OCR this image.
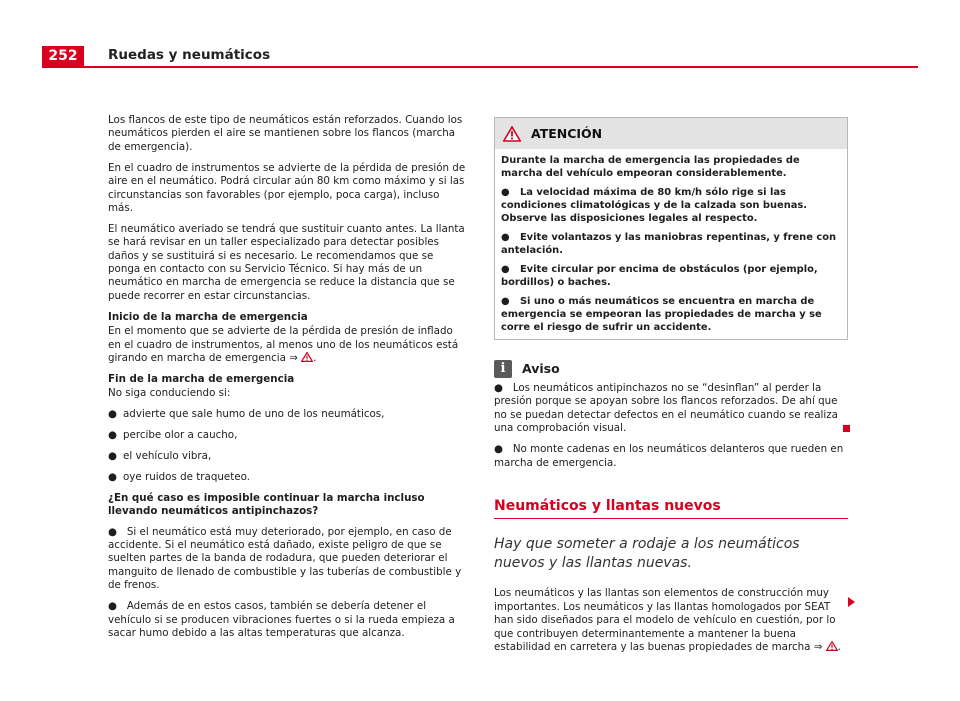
252	Ruedas y neumáticos

Los flancos de este tipo de neumáticos están reforzados. Cuando los neumáticos pierden el aire se mantienen sobre los flancos (marcha de emergencia).

En el cuadro de instrumentos se advierte de la pérdida de presión de aire en el neumático. Podrá circular aún 80 km como máximo y si las circunstancias son favorables (por ejemplo, poca carga), incluso más.

El neumático averiado se tendrá que sustituir cuanto antes. La llanta se hará revisar en un taller especializado para detectar posibles daños y se sustituirá si es necesario. Le recomendamos que se ponga en contacto con su Servicio Técnico. Si hay más de un neumático en marcha de emergencia se reduce la distancia que se puede recorrer en estar circunstancias.

Inicio de la marcha de emergencia

En el momento que se advierte de la pérdida de presión de inflado en el cuadro de instrumentos, al menos uno de los neumáticos está girando en marcha de emergencia ⇒ .

Fin de la marcha de emergencia

No siga conduciendo si:

● advierte que sale humo de uno de los neumáticos,

● percibe olor a caucho,

● el vehículo vibra,

● oye ruidos de traqueteo.

¿En qué caso es imposible continuar la marcha incluso llevando neumáticos antipinchazos?

●   Si el neumático está muy deteriorado, por ejemplo, en caso de accidente. Si el neumático está dañado, existe peligro de que se suelten partes de la banda de rodadura, que pueden deteriorar el manguito de llenado de combustible y las tuberías de combustible y de frenos.

●   Además de en estos casos, también se debería detener el vehículo si se producen vibraciones fuertes o si la rueda empieza a sacar humo debido a las altas temperaturas que alcanza.

ATENCIÓN

Durante la marcha de emergencia las propiedades de marcha del vehículo empeoran considerablemente.

●   La velocidad máxima de 80 km/h sólo rige si las condiciones climatológicas y de la calzada son buenas. Observe las disposiciones legales al respecto.

●   Evite volantazos y las maniobras repentinas, y frene con antelación.

●   Evite circular por encima de obstáculos (por ejemplo, bordillos) o baches.

●   Si uno o más neumáticos se encuentra en marcha de emergencia se empeoran las propiedades de marcha y se corre el riesgo de sufrir un accidente.

i	Aviso

●   Los neumáticos antipinchazos no se “desinflan” al perder la presión porque se apoyan sobre los flancos reforzados. De ahí que no se puedan detectar defectos en el neumático cuando se realiza una comprobación visual.

●   No monte cadenas en los neumáticos delanteros que rueden en marcha de emergencia.

Neumáticos y llantas nuevos
Hay que someter a rodaje a los neumáticos nuevos y las llantas nuevas.

Los neumáticos y las llantas son elementos de construcción muy importantes. Los neumáticos y las llantas homologados por SEAT han sido diseñados para el modelo de vehículo en cuestión, por lo que contribuyen determinantemente a mantener la buena estabilidad en carretera y las buenas propiedades de marcha ⇒ .
